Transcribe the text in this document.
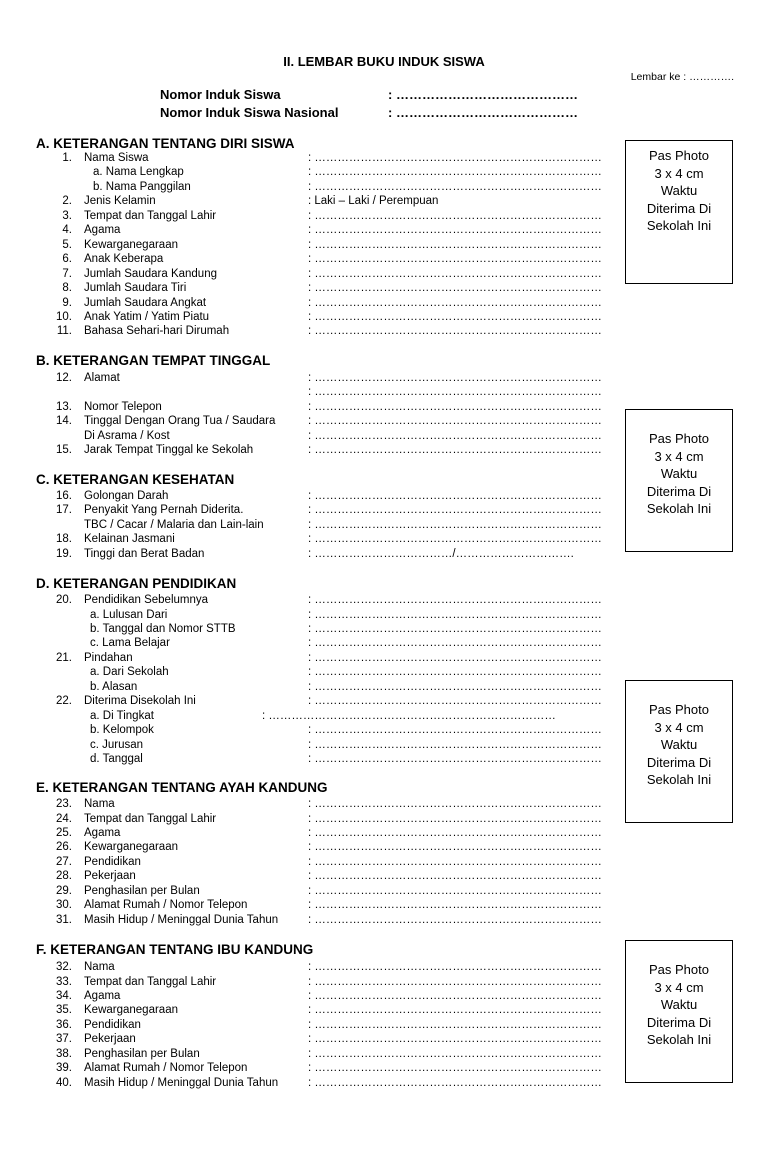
II. LEMBAR BUKU INDUK SISWA
Lembar ke : ………….
Nomor Induk Siswa	: ……………………………………
Nomor Induk Siswa Nasional	: ……………………………………
A. KETERANGAN TENTANG DIRI SISWA
1. Nama Siswa	: …………………………………………………………………
a. Nama Lengkap	: …………………………………………………………………
b. Nama Panggilan	: …………………………………………………………………
2. Jenis Kelamin	: Laki – Laki / Perempuan
3. Tempat dan Tanggal Lahir	: …………………………………………………………………
4. Agama	: …………………………………………………………………
5. Kewarganegaraan	: …………………………………………………………………
6. Anak Keberapa	: …………………………………………………………………
7. Jumlah Saudara Kandung	: …………………………………………………………………
8. Jumlah Saudara Tiri	: …………………………………………………………………
9. Jumlah Saudara Angkat	: …………………………………………………………………
10. Anak Yatim / Yatim Piatu	: …………………………………………………………………
11. Bahasa Sehari-hari Dirumah	: …………………………………………………………………
B. KETERANGAN TEMPAT TINGGAL
12. Alamat	: …………………………………………………………………
: …………………………………………………………………
13. Nomor Telepon	: …………………………………………………………………
14. Tinggal Dengan Orang Tua / Saudara	: …………………………………………………………………
Di Asrama / Kost	: …………………………………………………………………
15. Jarak Tempat Tinggal ke Sekolah	: …………………………………………………………………
C. KETERANGAN KESEHATAN
16. Golongan Darah	: …………………………………………………………………
17. Penyakit Yang Pernah Diderita.	: …………………………………………………………………
TBC / Cacar / Malaria dan Lain-lain	: …………………………………………………………………
18. Kelainan Jasmani	: …………………………………………………………………
19. Tinggi dan Berat Badan	: ………………………………/………………………….
D. KETERANGAN PENDIDIKAN
20. Pendidikan Sebelumnya	: …………………………………………………………………
a. Lulusan Dari	: …………………………………………………………………
b. Tanggal dan Nomor STTB	: …………………………………………………………………
c. Lama Belajar	: …………………………………………………………………
21. Pindahan	: …………………………………………………………………
a. Dari Sekolah	: …………………………………………………………………
b. Alasan	: …………………………………………………………………
22. Diterima Disekolah Ini	: …………………………………………………………………
a. Di Tingkat	: …………………………………………………………………
b. Kelompok	: …………………………………………………………………
c. Jurusan	: …………………………………………………………………
d. Tanggal	: …………………………………………………………………
E. KETERANGAN TENTANG AYAH KANDUNG
23. Nama	: …………………………………………………………………
24. Tempat dan Tanggal Lahir	: …………………………………………………………………
25. Agama	: …………………………………………………………………
26. Kewarganegaraan	: …………………………………………………………………
27. Pendidikan	: …………………………………………………………………
28. Pekerjaan	: …………………………………………………………………
29. Penghasilan per Bulan	: …………………………………………………………………
30. Alamat Rumah / Nomor Telepon	: …………………………………………………………………
31. Masih Hidup / Meninggal Dunia Tahun	: …………………………………………………………………
F. KETERANGAN TENTANG IBU KANDUNG
32. Nama	: …………………………………………………………………
33. Tempat dan Tanggal Lahir	: …………………………………………………………………
34. Agama	: …………………………………………………………………
35. Kewarganegaraan	: …………………………………………………………………
36. Pendidikan	: …………………………………………………………………
37. Pekerjaan	: …………………………………………………………………
38. Penghasilan per Bulan	: …………………………………………………………………
39. Alamat Rumah / Nomor Telepon	: …………………………………………………………………
40. Masih Hidup / Meninggal Dunia Tahun	: …………………………………………………………………
Pas Photo
3 x 4 cm
Waktu
Diterima Di
Sekolah Ini
Pas Photo
3 x 4 cm
Waktu
Diterima Di
Sekolah Ini
Pas Photo
3 x 4 cm
Waktu
Diterima Di
Sekolah Ini
Pas Photo
3 x 4 cm
Waktu
Diterima Di
Sekolah Ini
